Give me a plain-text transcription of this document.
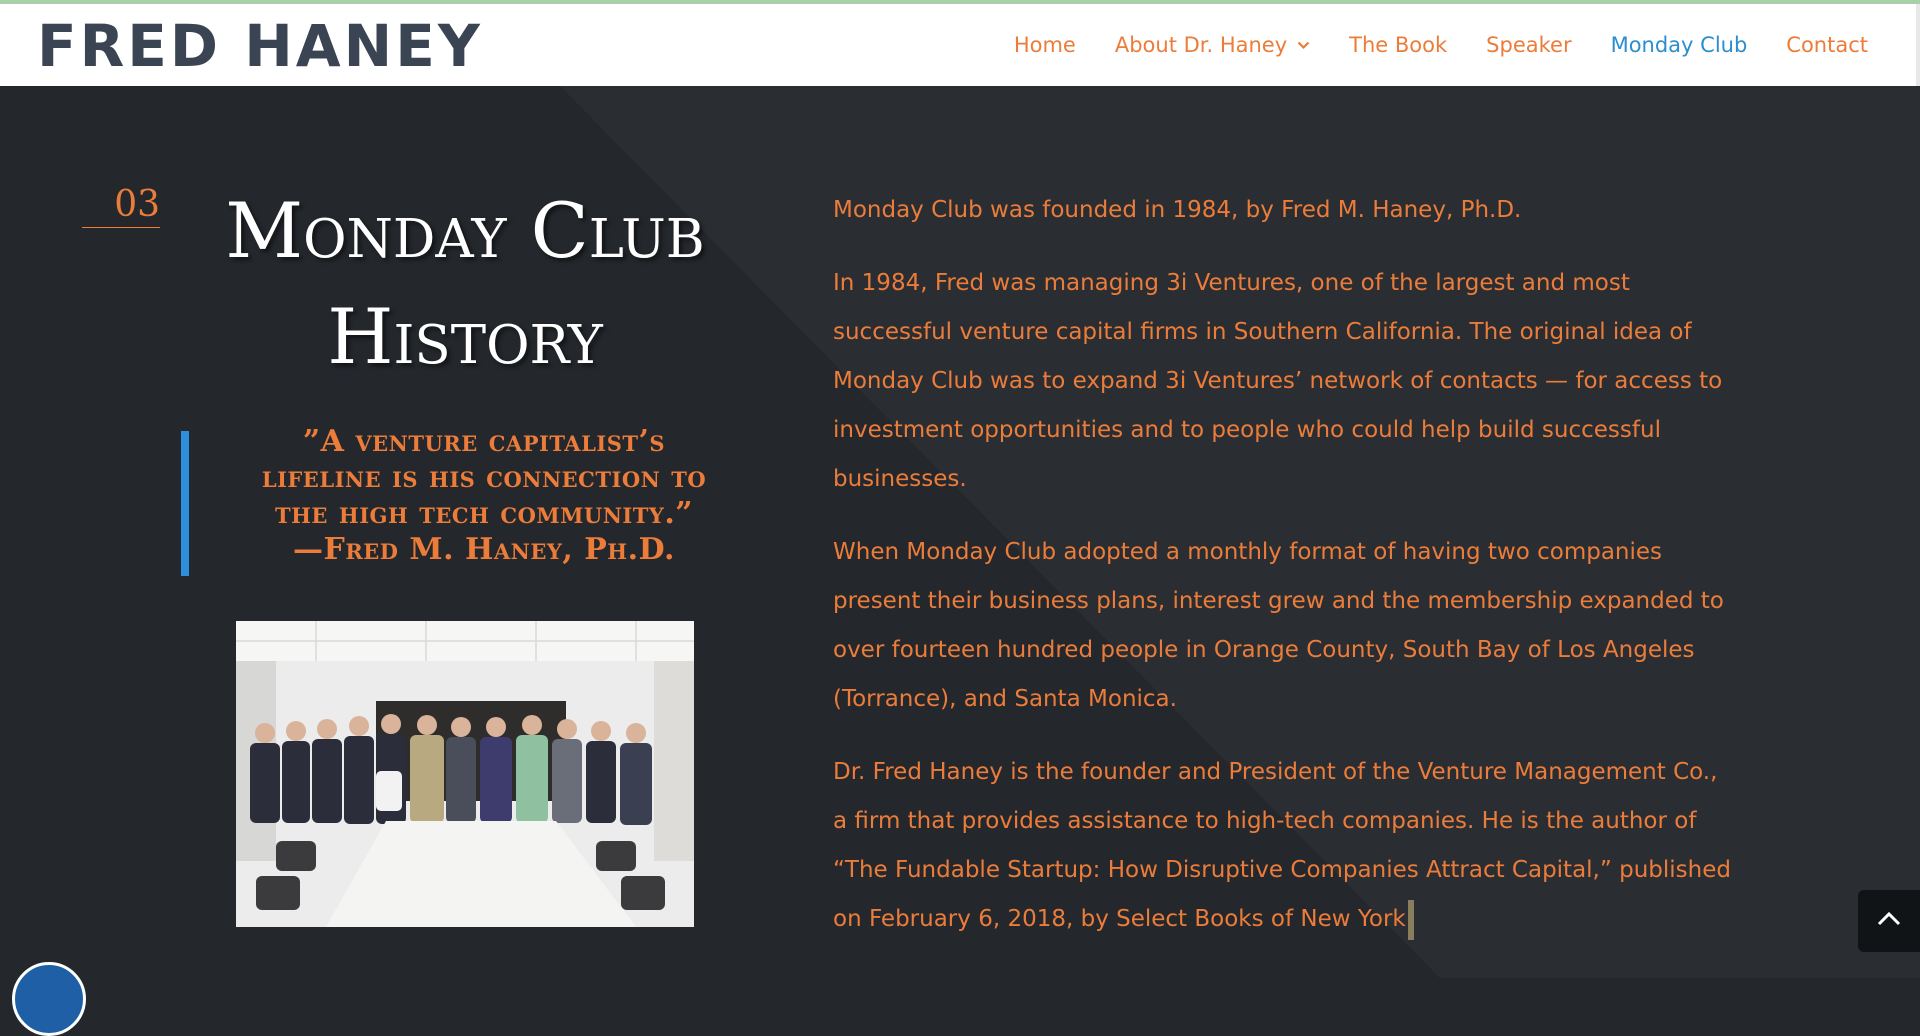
FRED HANEY	Home About Dr. Haney	The Book Speaker Monday Club Contact
03 Monday Club
History
”A venture capitalist’s
lifeline is his connection to
the high tech community.”
—Fred M. Haney, Ph.D.

Monday Club was founded in 1984, by Fred M. Haney, Ph.D.

In 1984, Fred was managing 3i Ventures, one of the largest and most successful venture capital firms in Southern California. The original idea of Monday Club was to expand 3i Ventures’ network of contacts — for access to investment opportunities and to people who could help build successful businesses.

When Monday Club adopted a monthly format of having two companies present their business plans, interest grew and the membership expanded to over fourteen hundred people in Orange County, South Bay of Los Angeles (Torrance), and Santa Monica.

Dr. Fred Haney is the founder and President of the Venture Management Co., a firm that provides assistance to high-tech companies. He is the author of “The Fundable Startup: How Disruptive Companies Attract Capital,” published on February 6, 2018, by Select Books of New York
